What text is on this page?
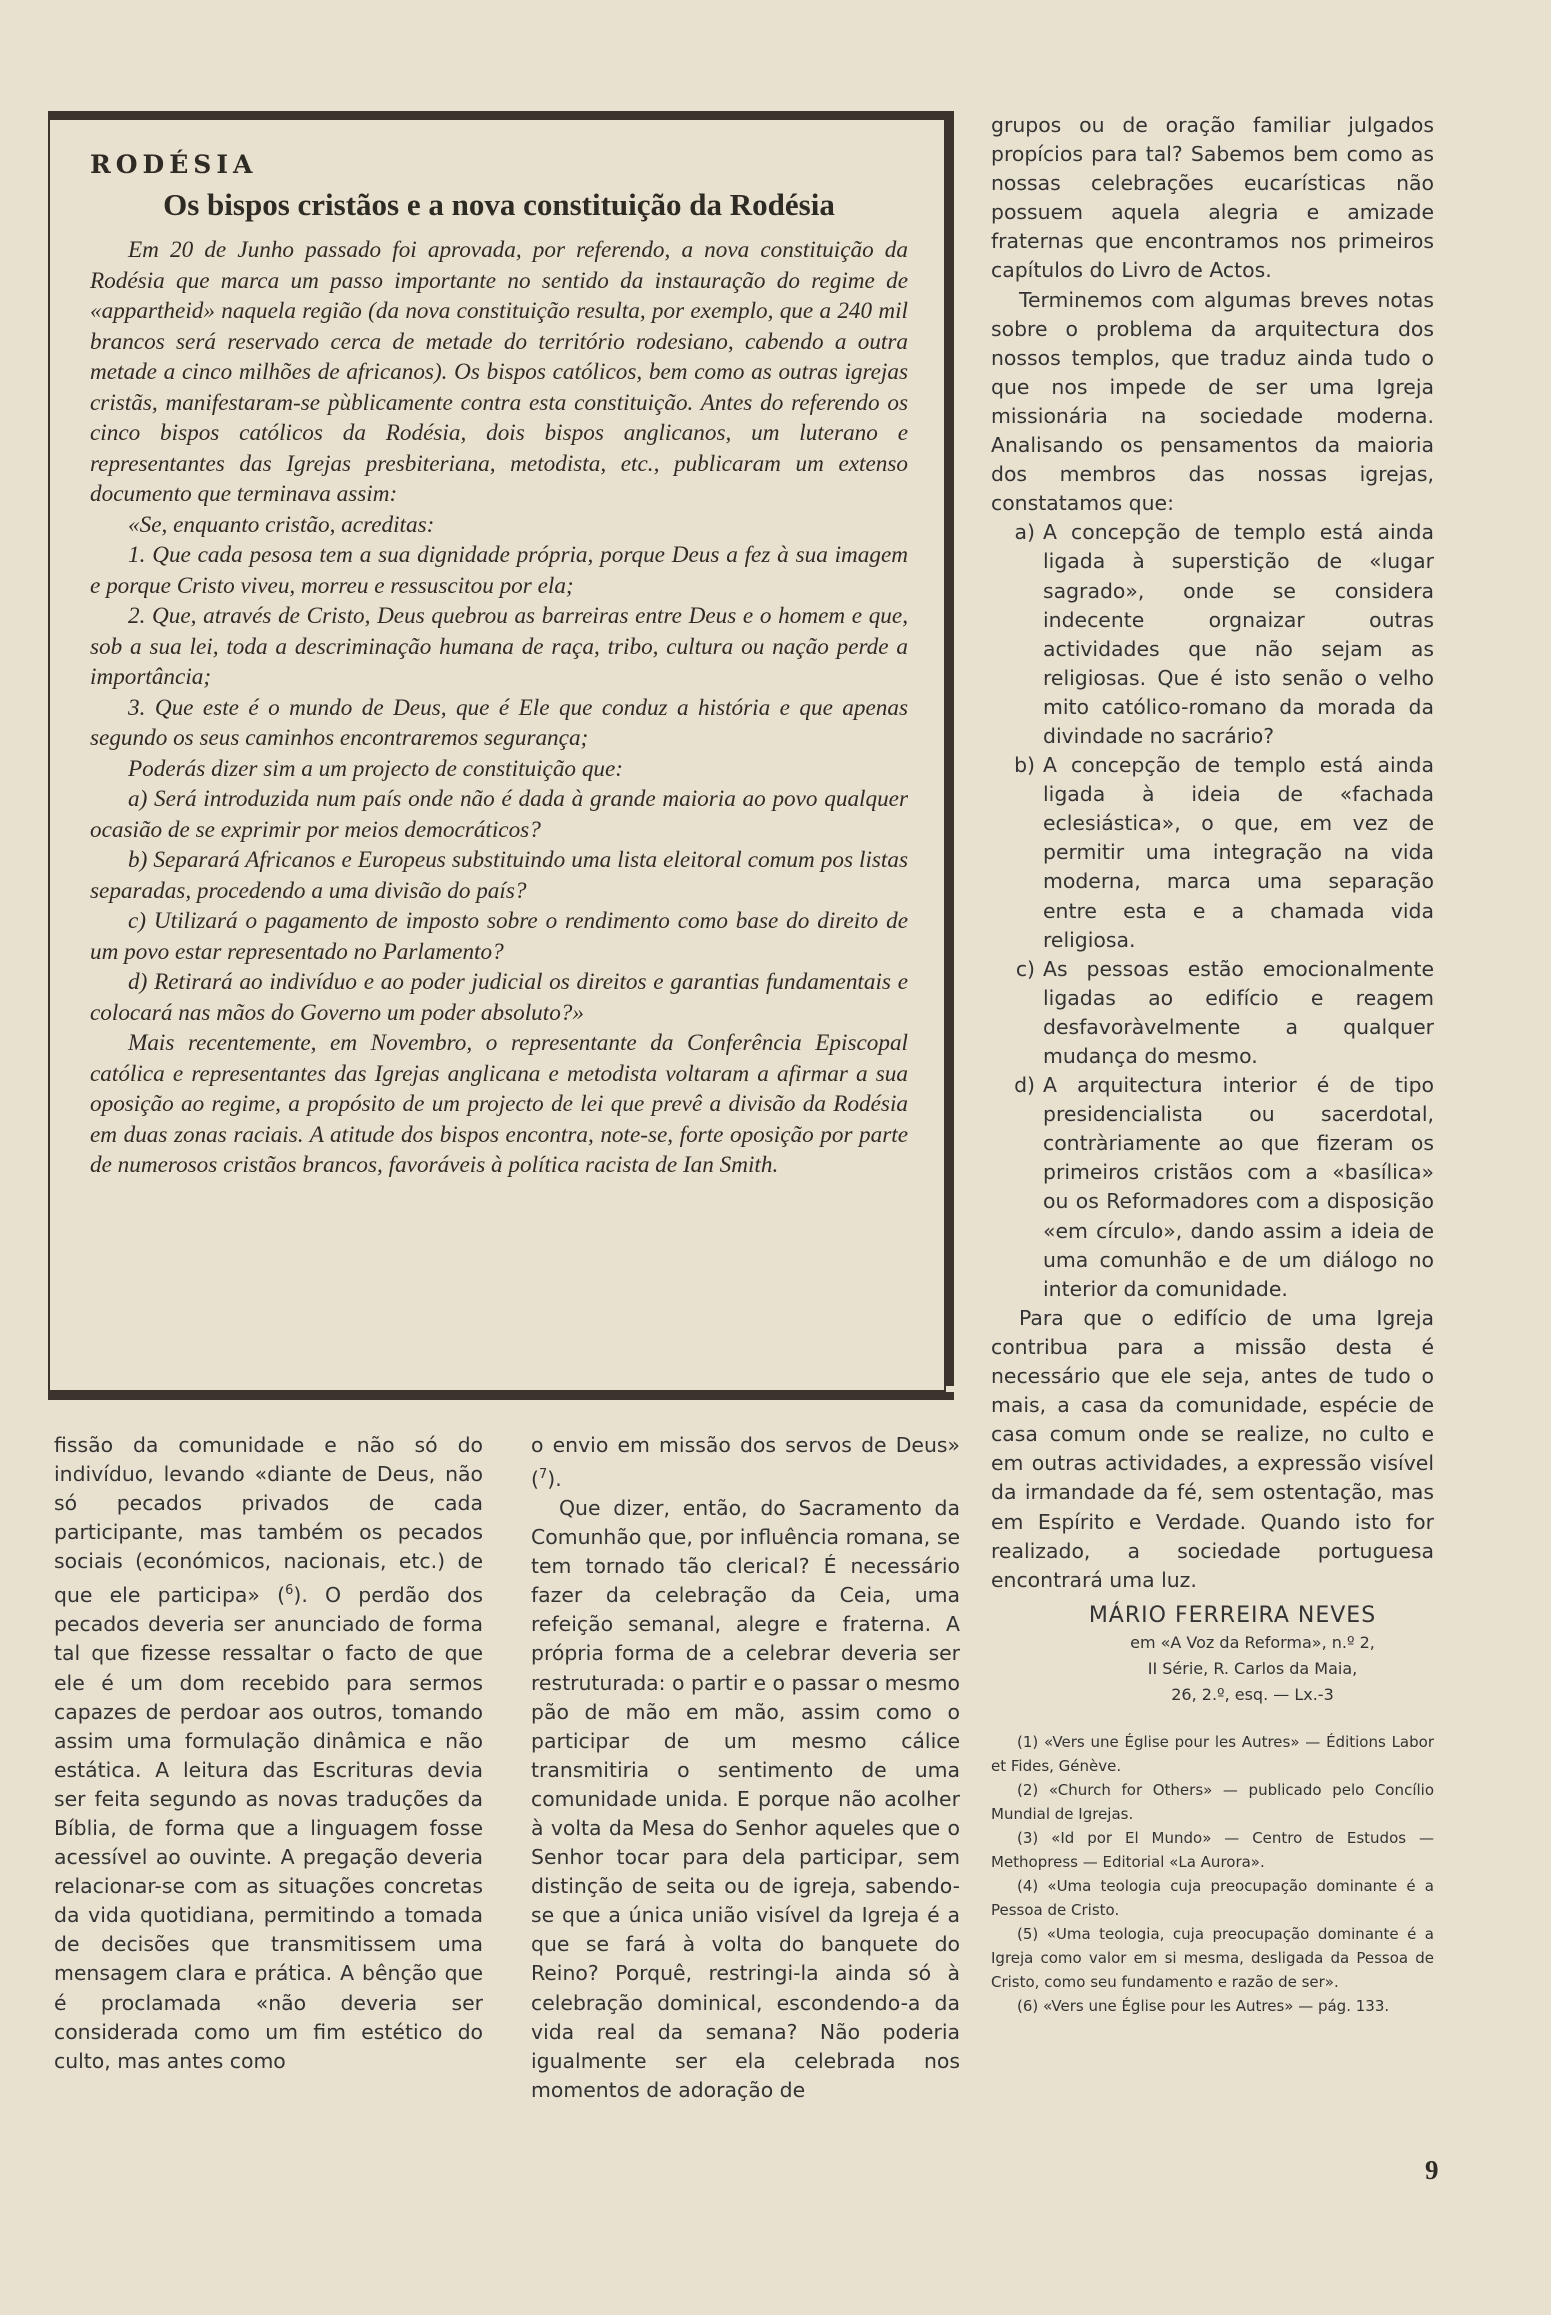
RODÉSIA
Os bispos cristãos e a nova constituição da Rodésia

Em 20 de Junho passado foi aprovada, por referendo, a nova constituição da Rodésia que marca um passo importante no sentido da instauração do regime de «appartheid» naquela região (da nova constituição resulta, por exemplo, que a 240 mil brancos será reservado cerca de metade do território rodesiano, cabendo a outra metade a cinco milhões de africanos). Os bispos católicos, bem como as outras igrejas cristãs, manifestaram-se pùblicamente contra esta constituição. Antes do referendo os cinco bispos católicos da Rodésia, dois bispos anglicanos, um luterano e representantes das Igrejas presbiteriana, metodista, etc., publicaram um extenso documento que terminava assim:

«Se, enquanto cristão, acreditas:

1. Que cada pesosa tem a sua dignidade própria, porque Deus a fez à sua imagem e porque Cristo viveu, morreu e ressuscitou por ela;

2. Que, através de Cristo, Deus quebrou as barreiras entre Deus e o homem e que, sob a sua lei, toda a descriminação humana de raça, tribo, cultura ou nação perde a importância;

3. Que este é o mundo de Deus, que é Ele que conduz a história e que apenas segundo os seus caminhos encontraremos segurança;

Poderás dizer sim a um projecto de constituição que:

a) Será introduzida num país onde não é dada à grande maioria ao povo qualquer ocasião de se exprimir por meios democráticos?

b) Separará Africanos e Europeus substituindo uma lista eleitoral comum pos listas separadas, procedendo a uma divisão do país?

c) Utilizará o pagamento de imposto sobre o rendimento como base do direito de um povo estar representado no Parlamento?

d) Retirará ao indivíduo e ao poder judicial os direitos e garantias fundamentais e colocará nas mãos do Governo um poder absoluto?»

Mais recentemente, em Novembro, o representante da Conferência Episcopal católica e representantes das Igrejas anglicana e metodista voltaram a afirmar a sua oposição ao regime, a propósito de um projecto de lei que prevê a divisão da Rodésia em duas zonas raciais. A atitude dos bispos encontra, note-se, forte oposição por parte de numerosos cristãos brancos, favoráveis à política racista de Ian Smith.

fissão da comunidade e não só do indivíduo, levando «diante de Deus, não só pecados privados de cada participante, mas também os pecados sociais (económicos, nacionais, etc.) de que ele participa» ($^6$). O perdão dos pecados deveria ser anunciado de forma tal que fizesse ressaltar o facto de que ele é um dom recebido para sermos capazes de perdoar aos outros, tomando assim uma formulação dinâmica e não estática. A leitura das Escrituras devia ser feita segundo as novas traduções da Bíblia, de forma que a linguagem fosse acessível ao ouvinte. A pregação deveria relacionar-se com as situações concretas da vida quotidiana, permitindo a tomada de decisões que transmitissem uma mensagem clara e prática. A bênção que é proclamada «não deveria ser considerada como um fim estético do culto, mas antes como

o envio em missão dos servos de Deus» ($^7$).

Que dizer, então, do Sacramento da Comunhão que, por influência romana, se tem tornado tão clerical? É necessário fazer da celebração da Ceia, uma refeição semanal, alegre e fraterna. A própria forma de a celebrar deveria ser restruturada: o partir e o passar o mesmo pão de mão em mão, assim como o participar de um mesmo cálice transmitiria o sentimento de uma comunidade unida. E porque não acolher à volta da Mesa do Senhor aqueles que o Senhor tocar para dela participar, sem distinção de seita ou de igreja, sabendo-se que a única união visível da Igreja é a que se fará à volta do banquete do Reino? Porquê, restringi-la ainda só à celebração dominical, escondendo-a da vida real da semana? Não poderia igualmente ser ela celebrada nos momentos de adoração de

grupos ou de oração familiar julgados propícios para tal? Sabemos bem como as nossas celebrações eucarísticas não possuem aquela alegria e amizade fraternas que encontramos nos primeiros capítulos do Livro de Actos.

Terminemos com algumas breves notas sobre o problema da arquitectura dos nossos templos, que traduz ainda tudo o que nos impede de ser uma Igreja missionária na sociedade moderna. Analisando os pensamentos da maioria dos membros das nossas igrejas, constatamos que:

a) A concepção de templo está ainda ligada à superstição de «lugar sagrado», onde se considera indecente orgnaizar outras actividades que não sejam as religiosas. Que é isto senão o velho mito católico-romano da morada da divindade no sacrário?
b) A concepção de templo está ainda ligada à ideia de «fachada eclesiástica», o que, em vez de permitir uma integração na vida moderna, marca uma separação entre esta e a chamada vida religiosa.
c) As pessoas estão emocionalmente ligadas ao edifício e reagem desfavoràvelmente a qualquer mudança do mesmo.
d) A arquitectura interior é de tipo presidencialista ou sacerdotal, contràriamente ao que fizeram os primeiros cristãos com a «basílica» ou os Reformadores com a disposição «em círculo», dando assim a ideia de uma comunhão e de um diálogo no interior da comunidade.

Para que o edifício de uma Igreja contribua para a missão desta é necessário que ele seja, antes de tudo o mais, a casa da comunidade, espécie de casa comum onde se realize, no culto e em outras actividades, a expressão visível da irmandade da fé, sem ostentação, mas em Espírito e Verdade. Quando isto for realizado, a sociedade portuguesa encontrará uma luz.

MÁRIO FERREIRA NEVES
em «A Voz da Reforma», n.º 2,
II Série, R. Carlos da Maia,
26, 2.º, esq. — Lx.-3

(1) «Vers une Église pour les Autres» — Éditions Labor et Fides, Génève.

(2) «Church for Others» — publicado pelo Concílio Mundial de Igrejas.

(3) «Id por El Mundo» — Centro de Estudos — Methopress — Editorial «La Aurora».

(4) «Uma teologia cuja preocupação dominante é a Pessoa de Cristo.

(5) «Uma teologia, cuja preocupação dominante é a Igreja como valor em si mesma, desligada da Pessoa de Cristo, como seu fundamento e razão de ser».

(6) «Vers une Église pour les Autres» — pág. 133.

9
